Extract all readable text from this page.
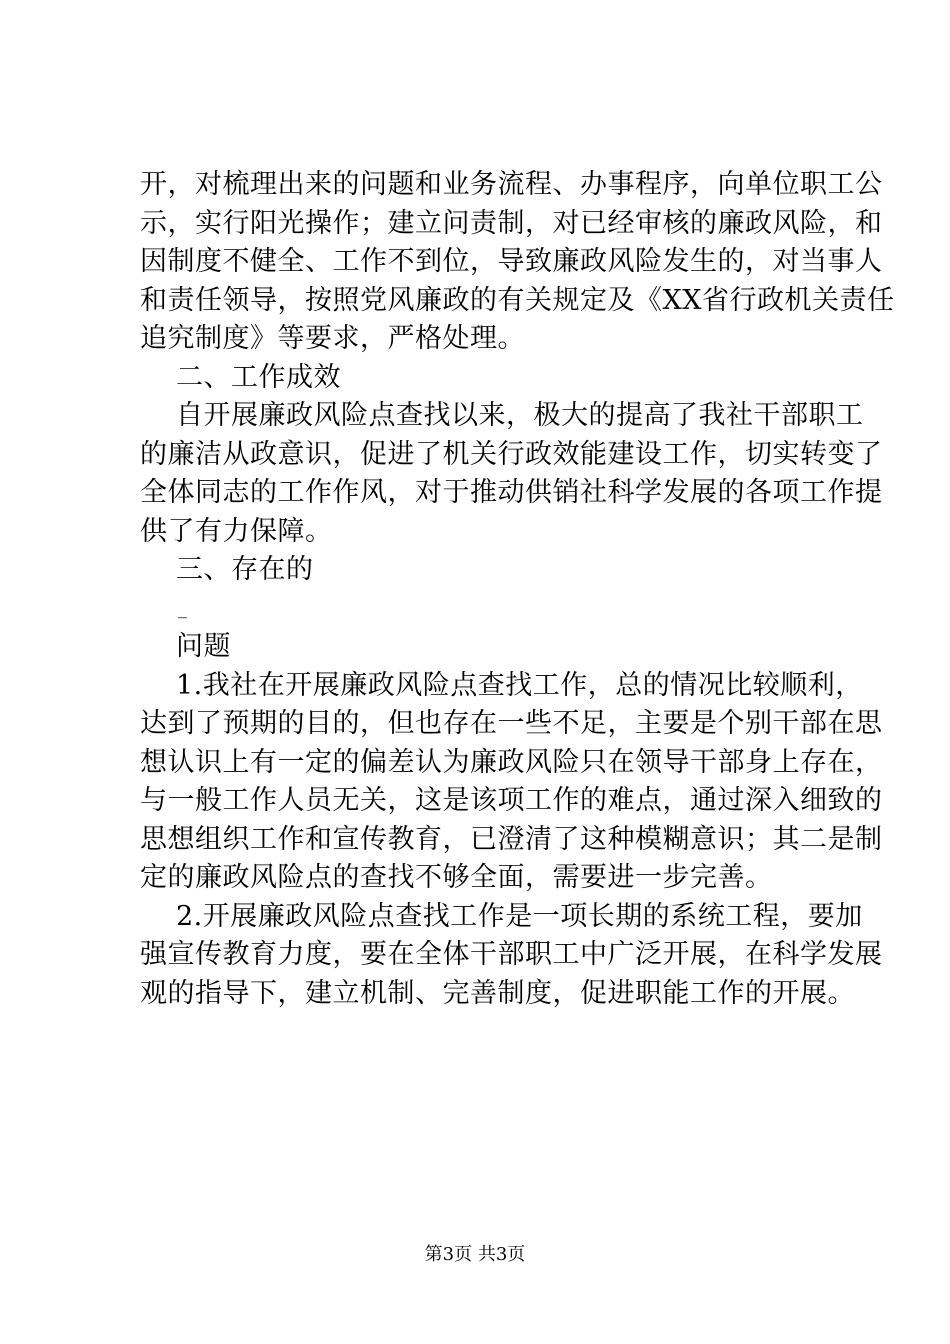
开，对梳理出来的问题和业务流程、办事程序，向单位职工公
示，实行阳光操作；建立问责制，对已经审核的廉政风险，和
因制度不健全、工作不到位，导致廉政风险发生的，对当事人
和责任领导，按照党风廉政的有关规定及《XX省行政机关责任
追究制度》等要求，严格处理。
二、工作成效
自开展廉政风险点查找以来，极大的提高了我社干部职工
的廉洁从政意识，促进了机关行政效能建设工作，切实转变了
全体同志的工作作风，对于推动供销社科学发展的各项工作提
供了有力保障。
三、存在的
_
问题
1.我社在开展廉政风险点查找工作，总的情况比较顺利，
达到了预期的目的，但也存在一些不足，主要是个别干部在思
想认识上有一定的偏差认为廉政风险只在领导干部身上存在，
与一般工作人员无关，这是该项工作的难点，通过深入细致的
思想组织工作和宣传教育，已澄清了这种模糊意识；其二是制
定的廉政风险点的查找不够全面，需要进一步完善。
2.开展廉政风险点查找工作是一项长期的系统工程，要加
强宣传教育力度，要在全体干部职工中广泛开展，在科学发展
观的指导下，建立机制、完善制度，促进职能工作的开展。
第3页 共3页
